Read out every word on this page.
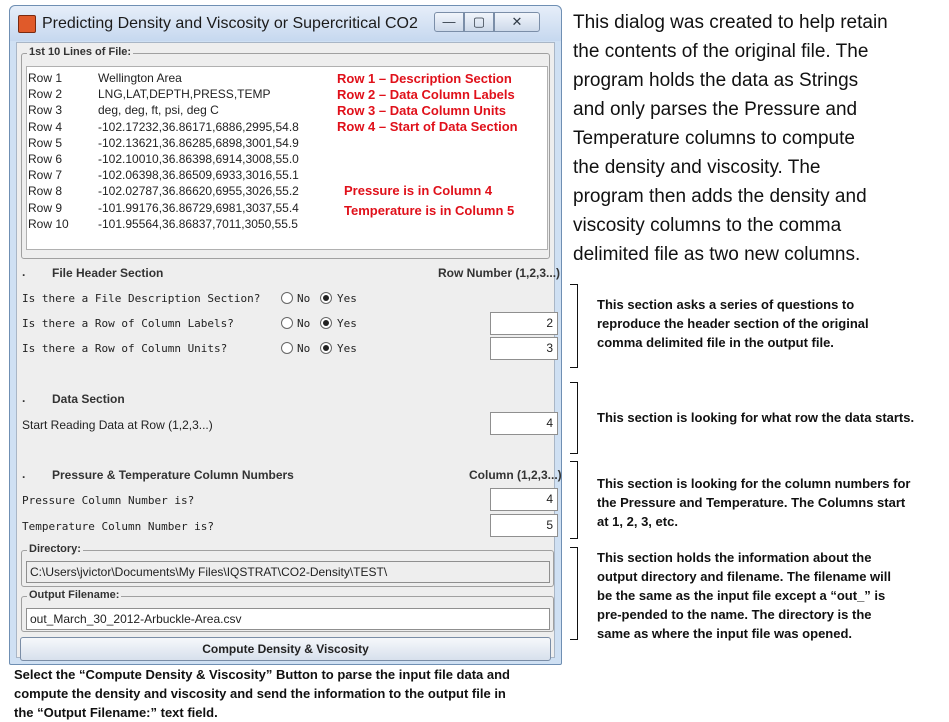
Predicting Density and Viscosity or Supercritical CO2	—	▢	✕
1st 10 Lines of File:
Row 1 – Description Section
Row 2 – Data Column Labels
Row 3 – Data Column Units
Row 4 – Start of Data Section
Pressure is in Column 4
Temperature is in Column 5
. File Header Section	Row Number (1,2,3...)
Is there a File Description Section?	No Yes
Is there a Row of Column Labels?	No Yes	2
Is there a Row of Column Units?	No Yes	3
. Data Section
Start Reading Data at Row (1,2,3...)	4
. Pressure & Temperature Column Numbers	Column (1,2,3...)
Pressure Column Number is?	4
Temperature Column Number is?	5
Directory:
C:\Users\jvictor\Documents\My Files\IQSTRAT\CO2-Density\TEST\
Output Filename:
out_March_30_2012-Arbuckle-Area.csv
Compute Density & Viscosity
Row 1	Wellington Area
Row 2	LNG,LAT,DEPTH,PRESS,TEMP
Row 3	deg, deg, ft, psi, deg C
Row 4	-102.17232,36.86171,6886,2995,54.8
Row 5	-102.13621,36.86285,6898,3001,54.9
Row 6	-102.10010,36.86398,6914,3008,55.0
Row 7	-102.06398,36.86509,6933,3016,55.1
Row 8	-102.02787,36.86620,6955,3026,55.2
Row 9	-101.99176,36.86729,6981,3037,55.4
Row 10 -101.95564,36.86837,7011,3050,55.5
This dialog was created to help retain
the contents of the original file. The
program holds the data as Strings
and only parses the Pressure and
Temperature columns to compute
the density and viscosity. The
program then adds the density and
viscosity columns to the comma
delimited file as two new columns.
This section asks a series of questions to
reproduce the header section of the original
comma delimited file in the output file.
This section is looking for what row the data starts.
This section is looking for the column numbers for
the Pressure and Temperature. The Columns start
at 1, 2, 3, etc.
This section holds the information about the
output directory and filename. The filename will
be the same as the input file except a “out_” is
pre-pended to the name. The directory is the
same as where the input file was opened.
Select the “Compute Density & Viscosity” Button to parse the input file data and
compute the density and viscosity and send the information to the output file in
the “Output Filename:” text field.
